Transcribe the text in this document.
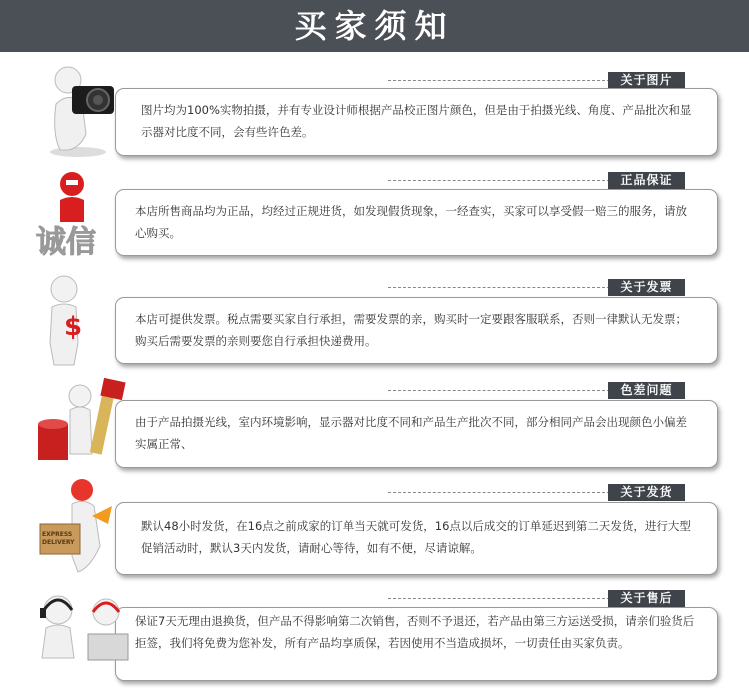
买家须知
关于图片
图片均为100%实物拍摄，并有专业设计师根据产品校正图片颜色，但是由于拍摄光线、角度、产品批次和显示器对比度不同，会有些许色差。
正品保证
本店所售商品均为正品，均经过正规进货，如发现假货现象，一经查实，买家可以享受假一赔三的服务，请放心购买。
诚信
关于发票
本店可提供发票。税点需要买家自行承担，需要发票的亲，购买时一定要跟客服联系，否则一律默认无发票；购买后需要发票的亲则要您自行承担快递费用。
$
色差问题
由于产品拍摄光线，室内环境影响，显示器对比度不同和产品生产批次不同，部分相同产品会出现颜色小偏差实属正常、
关于发货
默认48小时发货，在16点之前成家的订单当天就可发货，16点以后成交的订单延迟到第二天发货，进行大型促销活动时，默认3天内发货，请耐心等待，如有不便，尽请谅解。
EXPRESS
DELIVERY
关于售后
保证7天无理由退换货，但产品不得影响第二次销售，否则不予退还，若产品由第三方运送受损，请亲们验货后拒签，我们将免费为您补发，所有产品均享质保，若因使用不当造成损坏，一切责任由买家负责。
